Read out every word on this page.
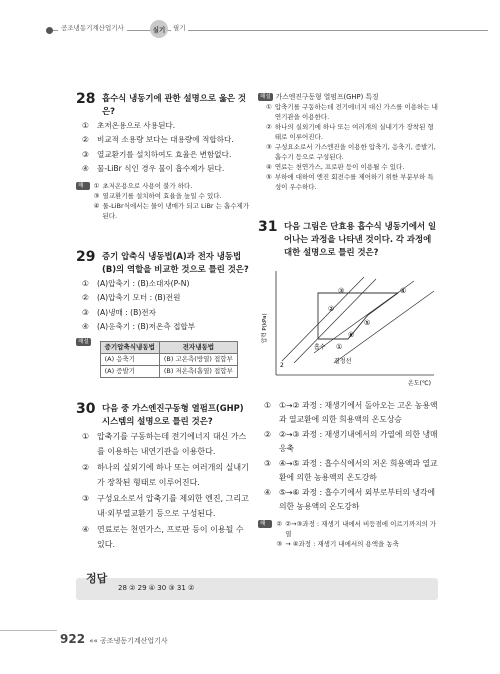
공조냉동기계산업기사	실기	필기
28 흡수식 냉동기에 관한 설명으로 옳은 것은?
①	초저온용으로 사용된다.
②	비교적 소용량 보다는 대용량에 적합하다.
③	열교환기를 설치하여도 효율은 변함없다.
④	물-LiBr 식인 경우 물이 흡수제가 된다.
해설
① 초저온용으로 사용이 불가 하다.
③ 열교환기를 설치하여 효율을 높일 수 있다.
④ 물-LiBr식에서는 물이 냉매가 되고 LiBr 는 흡수제가 된다.
29 증기 압축식 냉동법(A)과 전자 냉동법(B)의 역할을 비교한 것으로 틀린 것은?
①	(A)압축기 : (B)소대자(P-N)
②	(A)압축기 모터 : (B)전원
③	(A)냉매 : (B)전자
④	(A)응축기 : (B)저온측 접합부
해설
증기압축식냉동법	전자냉동법
(A) 응축기	(B) 고온측(방열) 접합부
(A) 증발기	(B) 저온측(흡열) 접합부
30 다음 중 가스엔진구동형 열펌프(GHP)시스템의 설명으로 틀린 것은?
① 압축기를 구동하는데 전기에너지 대신 가스를 이용하는 내연기관을 이용한다.
② 하나의 실외기에 하나 또는 여러개의 실내기가 장착된 형태로 이루어진다.
③ 구성요소로서 압축기를 제외한 엔진, 그리고 내·외부열교환기 등으로 구성된다.
④ 연료로는 천연가스, 프로판 등이 이용될 수 있다.
해설 가스엔진구동형 열펌프(GHP) 특징
① 압축기를 구동하는데 전기에너지 대신 가스를 이용하는 내연기관을 이용한다.
② 하나의 실외기에 하나 또는 여러개의 실내기가 장착된 형태로 이루어진다.
③ 구성요소로서 가스엔진을 이용한 압축기, 응축기, 증발기, 흡수기 등으로 구성된다.
④ 연료는 천연가스, 프로판 등이 이용될 수 있다.
⑤ 부하에 대하여 엔진 회전수를 제어하기 위한 부분부하 특성이 우수하다.
31 다음 그림은 단효용 흡수식 냉동기에서 일어나는 과정을 나타낸 것이다. 각 과정에 대한 설명으로 틀린 것은?
압력 P(kPa)
온도(℃)
2
흡수
결정선
①
②
③	④
⑤
⑥
①	①→② 과정 : 재생기에서 돌아오는 고온 농용액과 열교환에 의한 희용액의 온도상승
②	②→③ 과정 : 재생기내에서의 가열에 의한 냉매 응축
③	④→⑤ 과정 : 흡수식에서의 저온 희용액과 열교환에 의한 농용액의 온도강하
④	⑤→⑥ 과정 : 흡수기에서 외부로부터의 냉각에 의한 농용액의 온도강하
해설
② ②→③과정 : 재생기 내에서 비등점에 이르기까지의 가열
③ → ④과정 : 재생기 내에서의 용액을 농축
정답
28 ② 29 ④ 30 ③ 31 ②
922 «« 공조냉동기계산업기사
